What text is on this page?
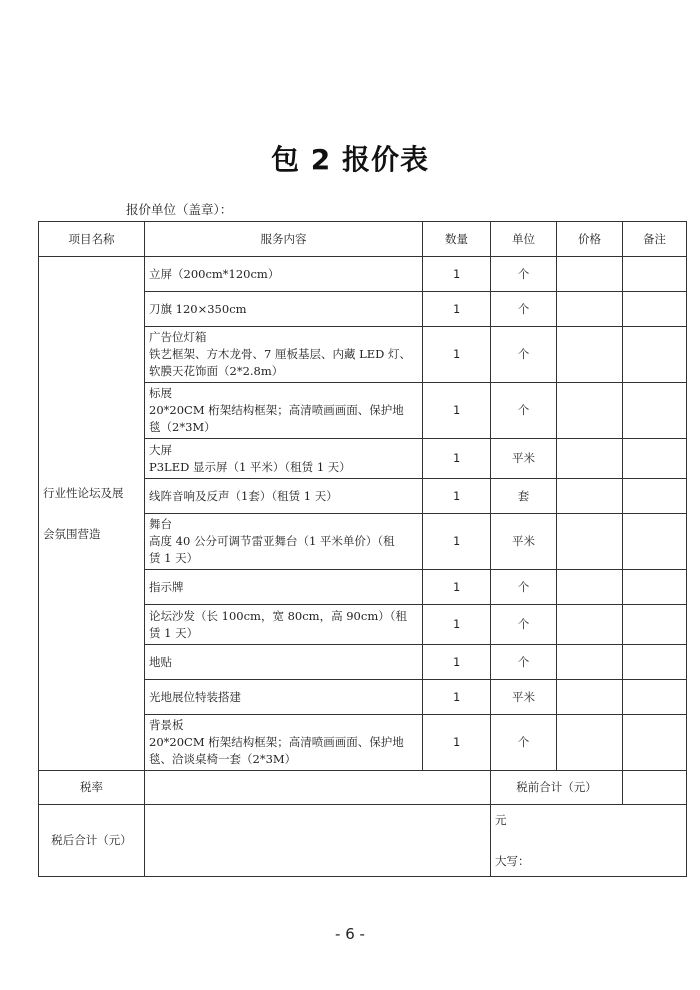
包 2 报价表
报价单位（盖章）：
项目名称	服务内容	数量	单位	价格	备注
行业性论坛及展
会氛围营造	立屏（200cm*120cm）	1	个		
	刀旗 120×350cm	1	个		

	广告位灯箱
铁艺框架、方木龙骨、7 厘板基层、内藏 LED 灯、
软膜天花饰面（2*2.8m）	1	个		

	标展
20*20CM 桁架结构框架；高清喷画画面、保护地
毯（2*3M）	1	个		

	大屏
P3LED 显示屏（1 平米）（租赁 1 天）	1	平米		
	线阵音响及反声（1套）（租赁 1 天）	1	套		

	舞台
高度 40 公分可调节雷亚舞台（1 平米单价）（租
赁 1 天）	1	平米		
	指示牌	1	个		

	论坛沙发（长 100cm，宽 80cm，高 90cm）（租
赁 1 天）	1	个		
	地贴	1	个		
	光地展位特装搭建	1	平米		

	背景板
20*20CM 桁架结构框架；高清喷画画面、保护地
毯、洽谈桌椅一套（2*3M）	1	个		
税率			税前合计（元）		
税后合计（元）			元
大写：		
- 6 -
